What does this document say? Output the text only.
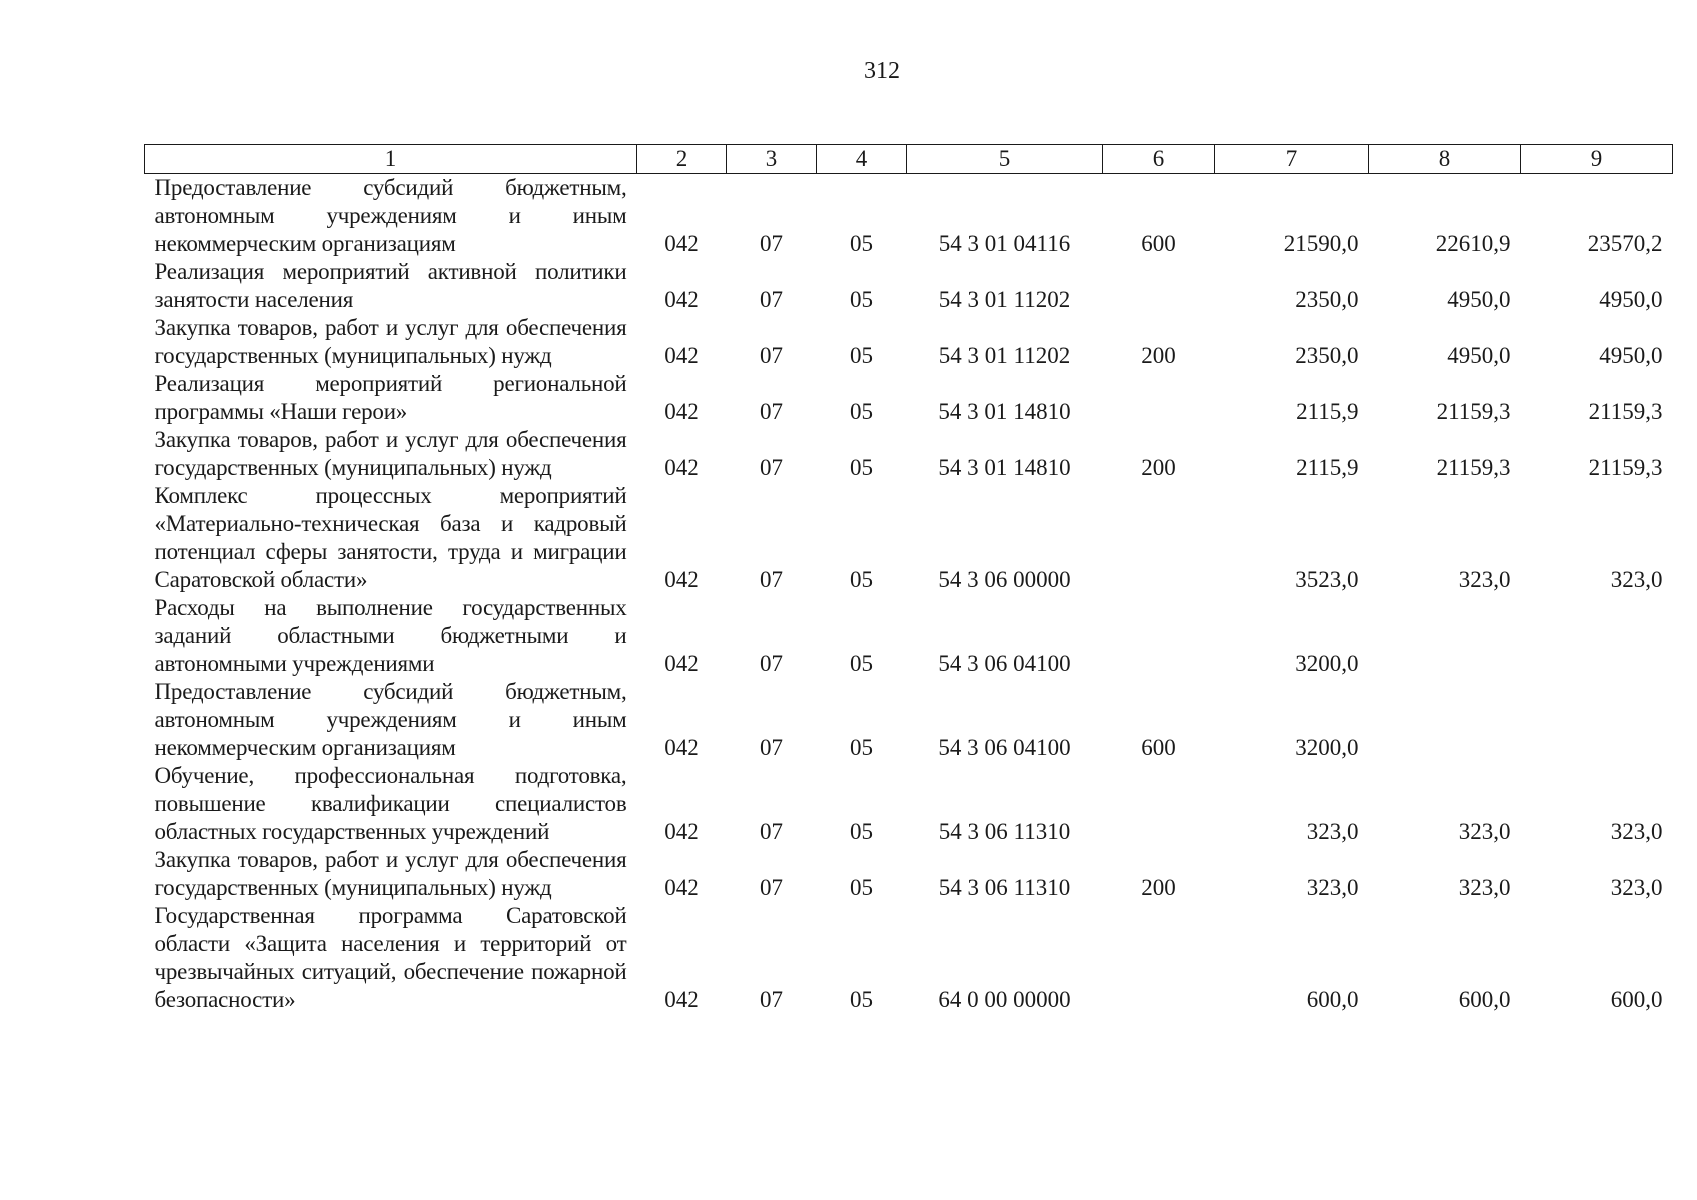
312
1	2	3	4	5	6	7	8	9
Предоставление субсидий бюджетным, автономным учреждениям и иным некоммерческим организациям	042	07	05	54 3 01 04116	600	21590,0	22610,9	23570,2
Реализация мероприятий активной политики занятости населения	042	07	05	54 3 01 11202		2350,0	4950,0	4950,0
Закупка товаров, работ и услуг для обеспечения государственных (муниципальных) нужд	042	07	05	54 3 01 11202	200	2350,0	4950,0	4950,0
Реализация мероприятий региональной программы «Наши герои»	042	07	05	54 3 01 14810		2115,9	21159,3	21159,3
Закупка товаров, работ и услуг для обеспечения государственных (муниципальных) нужд	042	07	05	54 3 01 14810	200	2115,9	21159,3	21159,3
Комплекс процессных мероприятий «Материально-техническая база и кадровый потенциал сферы занятости, труда и миграции Саратовской области»	042	07	05	54 3 06 00000		3523,0	323,0	323,0
Расходы на выполнение государственных заданий областными бюджетными и автономными учреждениями	042	07	05	54 3 06 04100		3200,0		
Предоставление субсидий бюджетным, автономным учреждениям и иным некоммерческим организациям	042	07	05	54 3 06 04100	600	3200,0		
Обучение, профессиональная подготовка, повышение квалификации специалистов областных государственных учреждений	042	07	05	54 3 06 11310		323,0	323,0	323,0
Закупка товаров, работ и услуг для обеспечения государственных (муниципальных) нужд	042	07	05	54 3 06 11310	200	323,0	323,0	323,0
Государственная программа Саратовской области «Защита населения и территорий от чрезвычайных ситуаций, обеспечение пожарной безопасности»	042	07	05	64 0 00 00000		600,0	600,0	600,0
